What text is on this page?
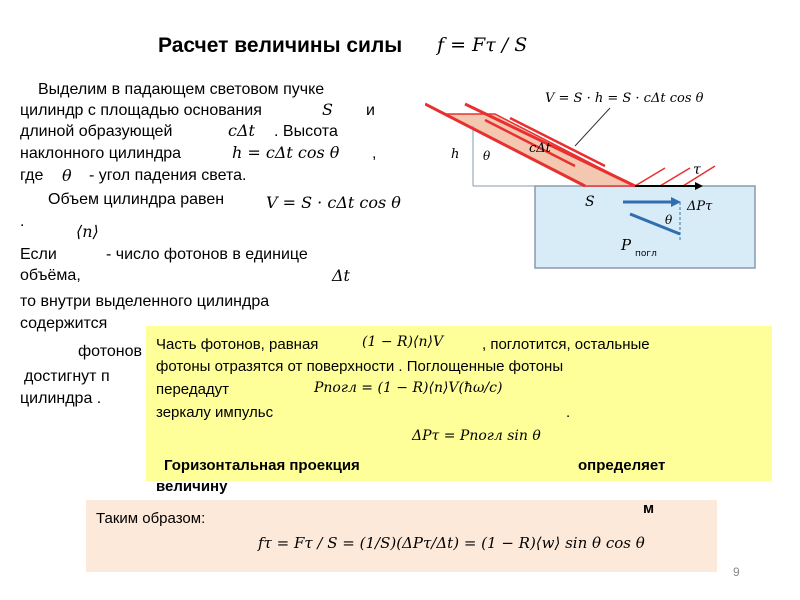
Расчет величины силы f = Fτ / S
Выделим в падающем световом пучке
цилиндр с площадью основания	S и
длиной образующей	cΔt . Высота
наклонного цилиндра	h = cΔt cos θ ,
где θ - угол падения света.
Объем цилиндра равен	V = S · cΔt cos θ
.
Если
⟨n⟩
- число фотонов в единице
объёма,	Δt
то внутри выделенного цилиндра
содержится
фотонов
достигнут п
цилиндра .
V = S · h = S · cΔt cos θ
h θ	cΔt
S
τ
ΔPτ
θ
P погл
Часть фотонов, равная	(1 − R)⟨n⟩V	, поглотится, остальные
фотоны отразятся от поверхности . Поглощенные фотоны
передадут	Pпогл = (1 − R)⟨n⟩V(ħω/c)
зеркалу импульс	.
ΔPτ = Pпогл sin θ
Горизонтальная проекция	определяет
величину
Таким образом:
fτ = Fτ / S = (1/S)(ΔPτ/Δt) = (1 − R)⟨w⟩ sin θ cos θ
м
9
